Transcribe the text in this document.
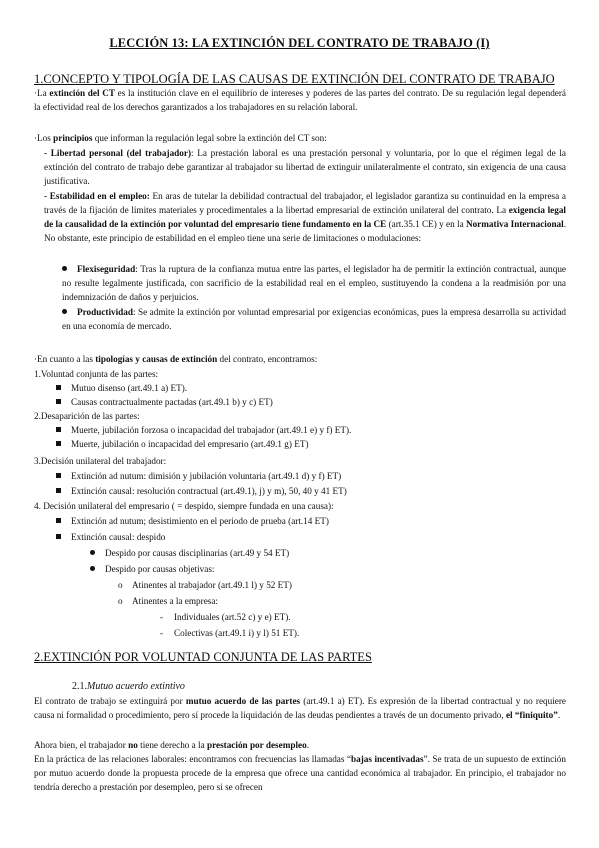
LECCIÓN 13: LA EXTINCIÓN DEL CONTRATO DE TRABAJO (I)
1.CONCEPTO Y TIPOLOGÍA DE LAS CAUSAS DE EXTINCIÓN DEL CONTRATO DE TRABAJO

·La extinción del CT es la institución clave en el equilibrio de intereses y poderes de las partes del contrato. De su regulación legal dependerá la efectividad real de los derechos garantizados a los trabajadores en su relación laboral.

·Los principios que informan la regulación legal sobre la extinción del CT son:

- Libertad personal (del trabajador): La prestación laboral es una prestación personal y voluntaria, por lo que el régimen legal de la extinción del contrato de trabajo debe garantizar al trabajador su libertad de extinguir unilateralmente el contrato, sin exigencia de una causa justificativa.

- Estabilidad en el empleo: En aras de tutelar la debilidad contractual del trabajador, el legislador garantiza su continuidad en la empresa a través de la fijación de límites materiales y procedimentales a la libertad empresarial de extinción unilateral del contrato. La exigencia legal de la causalidad de la extinción por voluntad del empresario tiene fundamento en la CE (art.35.1 CE) y en la Normativa Internacional. No obstante, este principio de estabilidad en el empleo tiene una serie de limitaciones o modulaciones:

Flexiseguridad: Tras la ruptura de la confianza mutua entre las partes, el legislador ha de permitir la extinción contractual, aunque no resulte legalmente justificada, con sacrificio de la estabilidad real en el empleo, sustituyendo la condena a la readmisión por una indemnización de daños y perjuicios.

Productividad: Se admite la extinción por voluntad empresarial por exigencias económicas, pues la empresa desarrolla su actividad en una economía de mercado.

·En cuanto a las tipologías y causas de extinción del contrato, encontramos:
1.Voluntad conjunta de las partes:
Mutuo disenso (art.49.1 a) ET).
Causas contractualmente pactadas (art.49.1 b) y c) ET)
2.Desaparición de las partes:
Muerte, jubilación forzosa o incapacidad del trabajador (art.49.1 e) y f) ET).
Muerte, jubilación o incapacidad del empresario (art.49.1 g) ET)
3.Decisión unilateral del trabajador:
Extinción ad nutum: dimisión y jubilación voluntaria (art.49.1 d) y f) ET)
Extinción causal: resolución contractual (art.49.1), j) y m), 50, 40 y 41 ET)
4. Decisión unilateral del empresario ( = despido, siempre fundada en una causa):
Extinción ad nutum; desistimiento en el periodo de prueba (art.14 ET)
Extinción causal: despido
Despido por causas disciplinarias (art.49 y 54 ET)
Despido por causas objetivas:
o Atinentes al trabajador (art.49.1 l) y 52 ET)
o Atinentes a la empresa:
- Individuales (art.52 c) y e) ET).
- Colectivas (art.49.1 i) y l) 51 ET).
2.EXTINCIÓN POR VOLUNTAD CONJUNTA DE LAS PARTES
2.1.Mutuo acuerdo extintivo

El contrato de trabajo se extinguirá por mutuo acuerdo de las partes (art.49.1 a) ET). Es expresión de la libertad contractual y no requiere causa ni formalidad o procedimiento, pero sí procede la liquidación de las deudas pendientes a través de un documento privado, el “finiquito”.

Ahora bien, el trabajador no tiene derecho a la prestación por desempleo.

En la práctica de las relaciones laborales: encontramos con frecuencias las llamadas “bajas incentivadas”. Se trata de un supuesto de extinción por mutuo acuerdo donde la propuesta procede de la empresa que ofrece una cantidad económica al trabajador. En principio, el trabajador no tendría derecho a prestación por desempleo, pero si se ofrecen
